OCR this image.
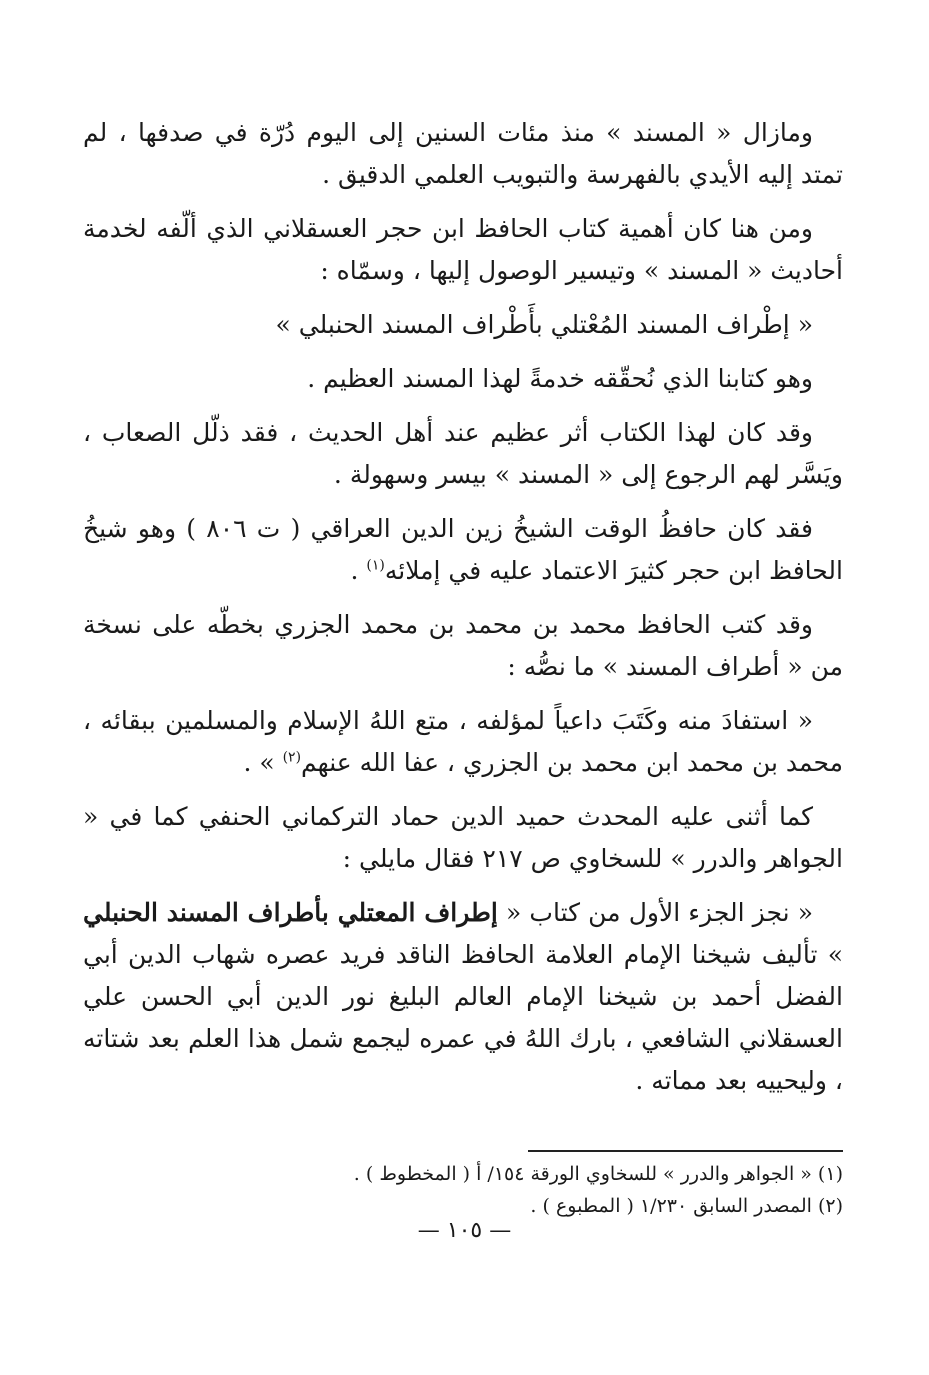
ومازال « المسند » منذ مئات السنين إلى اليوم دُرّة في صدفها ، لم تمتد إليه الأيدي بالفهرسة والتبويب العلمي الدقيق .

ومن هنا كان أهمية كتاب الحافظ ابن حجر العسقلاني الذي ألّفه لخدمة أحاديث « المسند » وتيسير الوصول إليها ، وسمّاه :

« إطْراف المسند المُعْتلي بأَطْراف المسند الحنبلي »

وهو كتابنا الذي نُحقّقه خدمةً لهذا المسند العظيم .

وقد كان لهذا الكتاب أثر عظيم عند أهل الحديث ، فقد ذلّل الصعاب ، ويَسَّر لهم الرجوع إلى « المسند » بيسر وسهولة .

فقد كان حافظُ الوقت الشيخُ زين الدين العراقي ( ت ٨٠٦ ) وهو شيخُ الحافظ ابن حجر كثيرَ الاعتماد عليه في إملائه$^{(١)}$ .

وقد كتب الحافظ محمد بن محمد بن محمد الجزري بخطّه على نسخة من « أطراف المسند » ما نصُّه :

« استفادَ منه وكَتَبَ داعياً لمؤلفه ، متع اللهُ الإسلام والمسلمين ببقائه ، محمد بن محمد ابن محمد بن الجزري ، عفا الله عنهم$^{(٢)}$ » .

كما أثنى عليه المحدث حميد الدين حماد التركماني الحنفي كما في « الجواهر والدرر » للسخاوي ص ٢١٧ فقال مايلي :

« نجز الجزء الأول من كتاب « إطراف المعتلي بأطراف المسند الحنبلي » تأليف شيخنا الإمام العلامة الحافظ الناقد فريد عصره شهاب الدين أبي الفضل أحمد بن شيخنا الإمام العالم البليغ نور الدين أبي الحسن علي العسقلاني الشافعي ، بارك اللهُ في عمره ليجمع شمل هذا العلم بعد شتاته ، وليحييه بعد مماته .

(١) « الجواهر والدرر » للسخاوي الورقة ١٥٤/ أ ( المخطوط ) .

(٢) المصدر السابق ١/٢٣٠ ( المطبوع ) .

— ١٠٥ —
